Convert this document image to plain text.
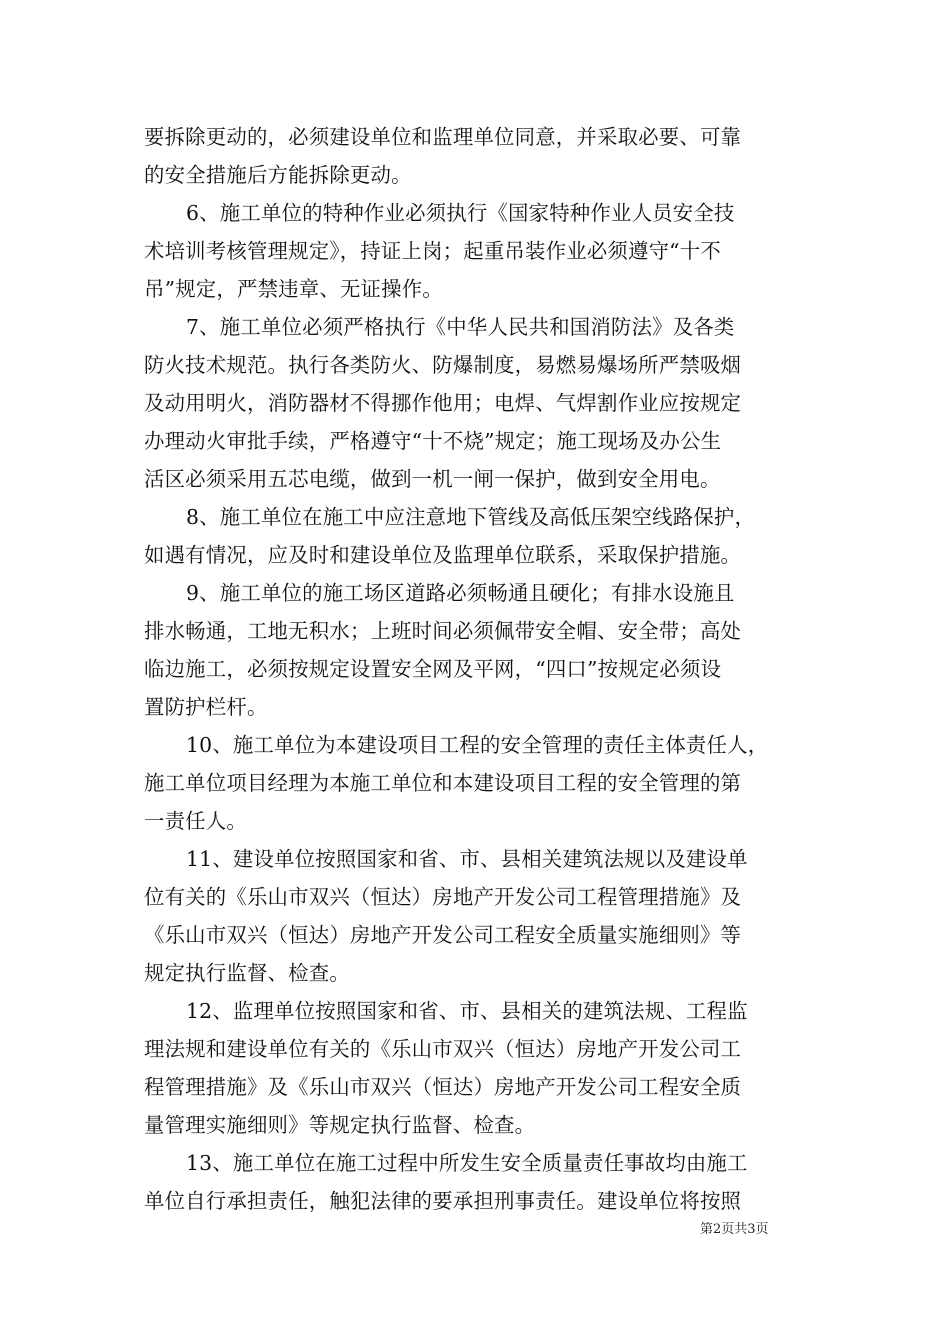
要拆除更动的，必须建设单位和监理单位同意，并采取必要、可靠
的安全措施后方能拆除更动。

6、施工单位的特种作业必须执行《国家特种作业人员安全技
术培训考核管理规定》，持证上岗；起重吊装作业必须遵守“十不
吊”规定，严禁违章、无证操作。

7、施工单位必须严格执行《中华人民共和国消防法》及各类
防火技术规范。执行各类防火、防爆制度，易燃易爆场所严禁吸烟
及动用明火，消防器材不得挪作他用；电焊、气焊割作业应按规定
办理动火审批手续，严格遵守“十不烧”规定；施工现场及办公生
活区必须采用五芯电缆，做到一机一闸一保护，做到安全用电。

8、施工单位在施工中应注意地下管线及高低压架空线路保护，
如遇有情况，应及时和建设单位及监理单位联系，采取保护措施。

9、施工单位的施工场区道路必须畅通且硬化；有排水设施且
排水畅通，工地无积水；上班时间必须佩带安全帽、安全带；高处
临边施工，必须按规定设置安全网及平网，“四口”按规定必须设
置防护栏杆。

10、施工单位为本建设项目工程的安全管理的责任主体责任人，
施工单位项目经理为本施工单位和本建设项目工程的安全管理的第
一责任人。

11、建设单位按照国家和省、市、县相关建筑法规以及建设单
位有关的《乐山市双兴（恒达）房地产开发公司工程管理措施》及
《乐山市双兴（恒达）房地产开发公司工程安全质量实施细则》等
规定执行监督、检查。

12、监理单位按照国家和省、市、县相关的建筑法规、工程监
理法规和建设单位有关的《乐山市双兴（恒达）房地产开发公司工
程管理措施》及《乐山市双兴（恒达）房地产开发公司工程安全质
量管理实施细则》等规定执行监督、检查。

13、施工单位在施工过程中所发生安全质量责任事故均由施工
单位自行承担责任，触犯法律的要承担刑事责任。建设单位将按照

第2页共3页
